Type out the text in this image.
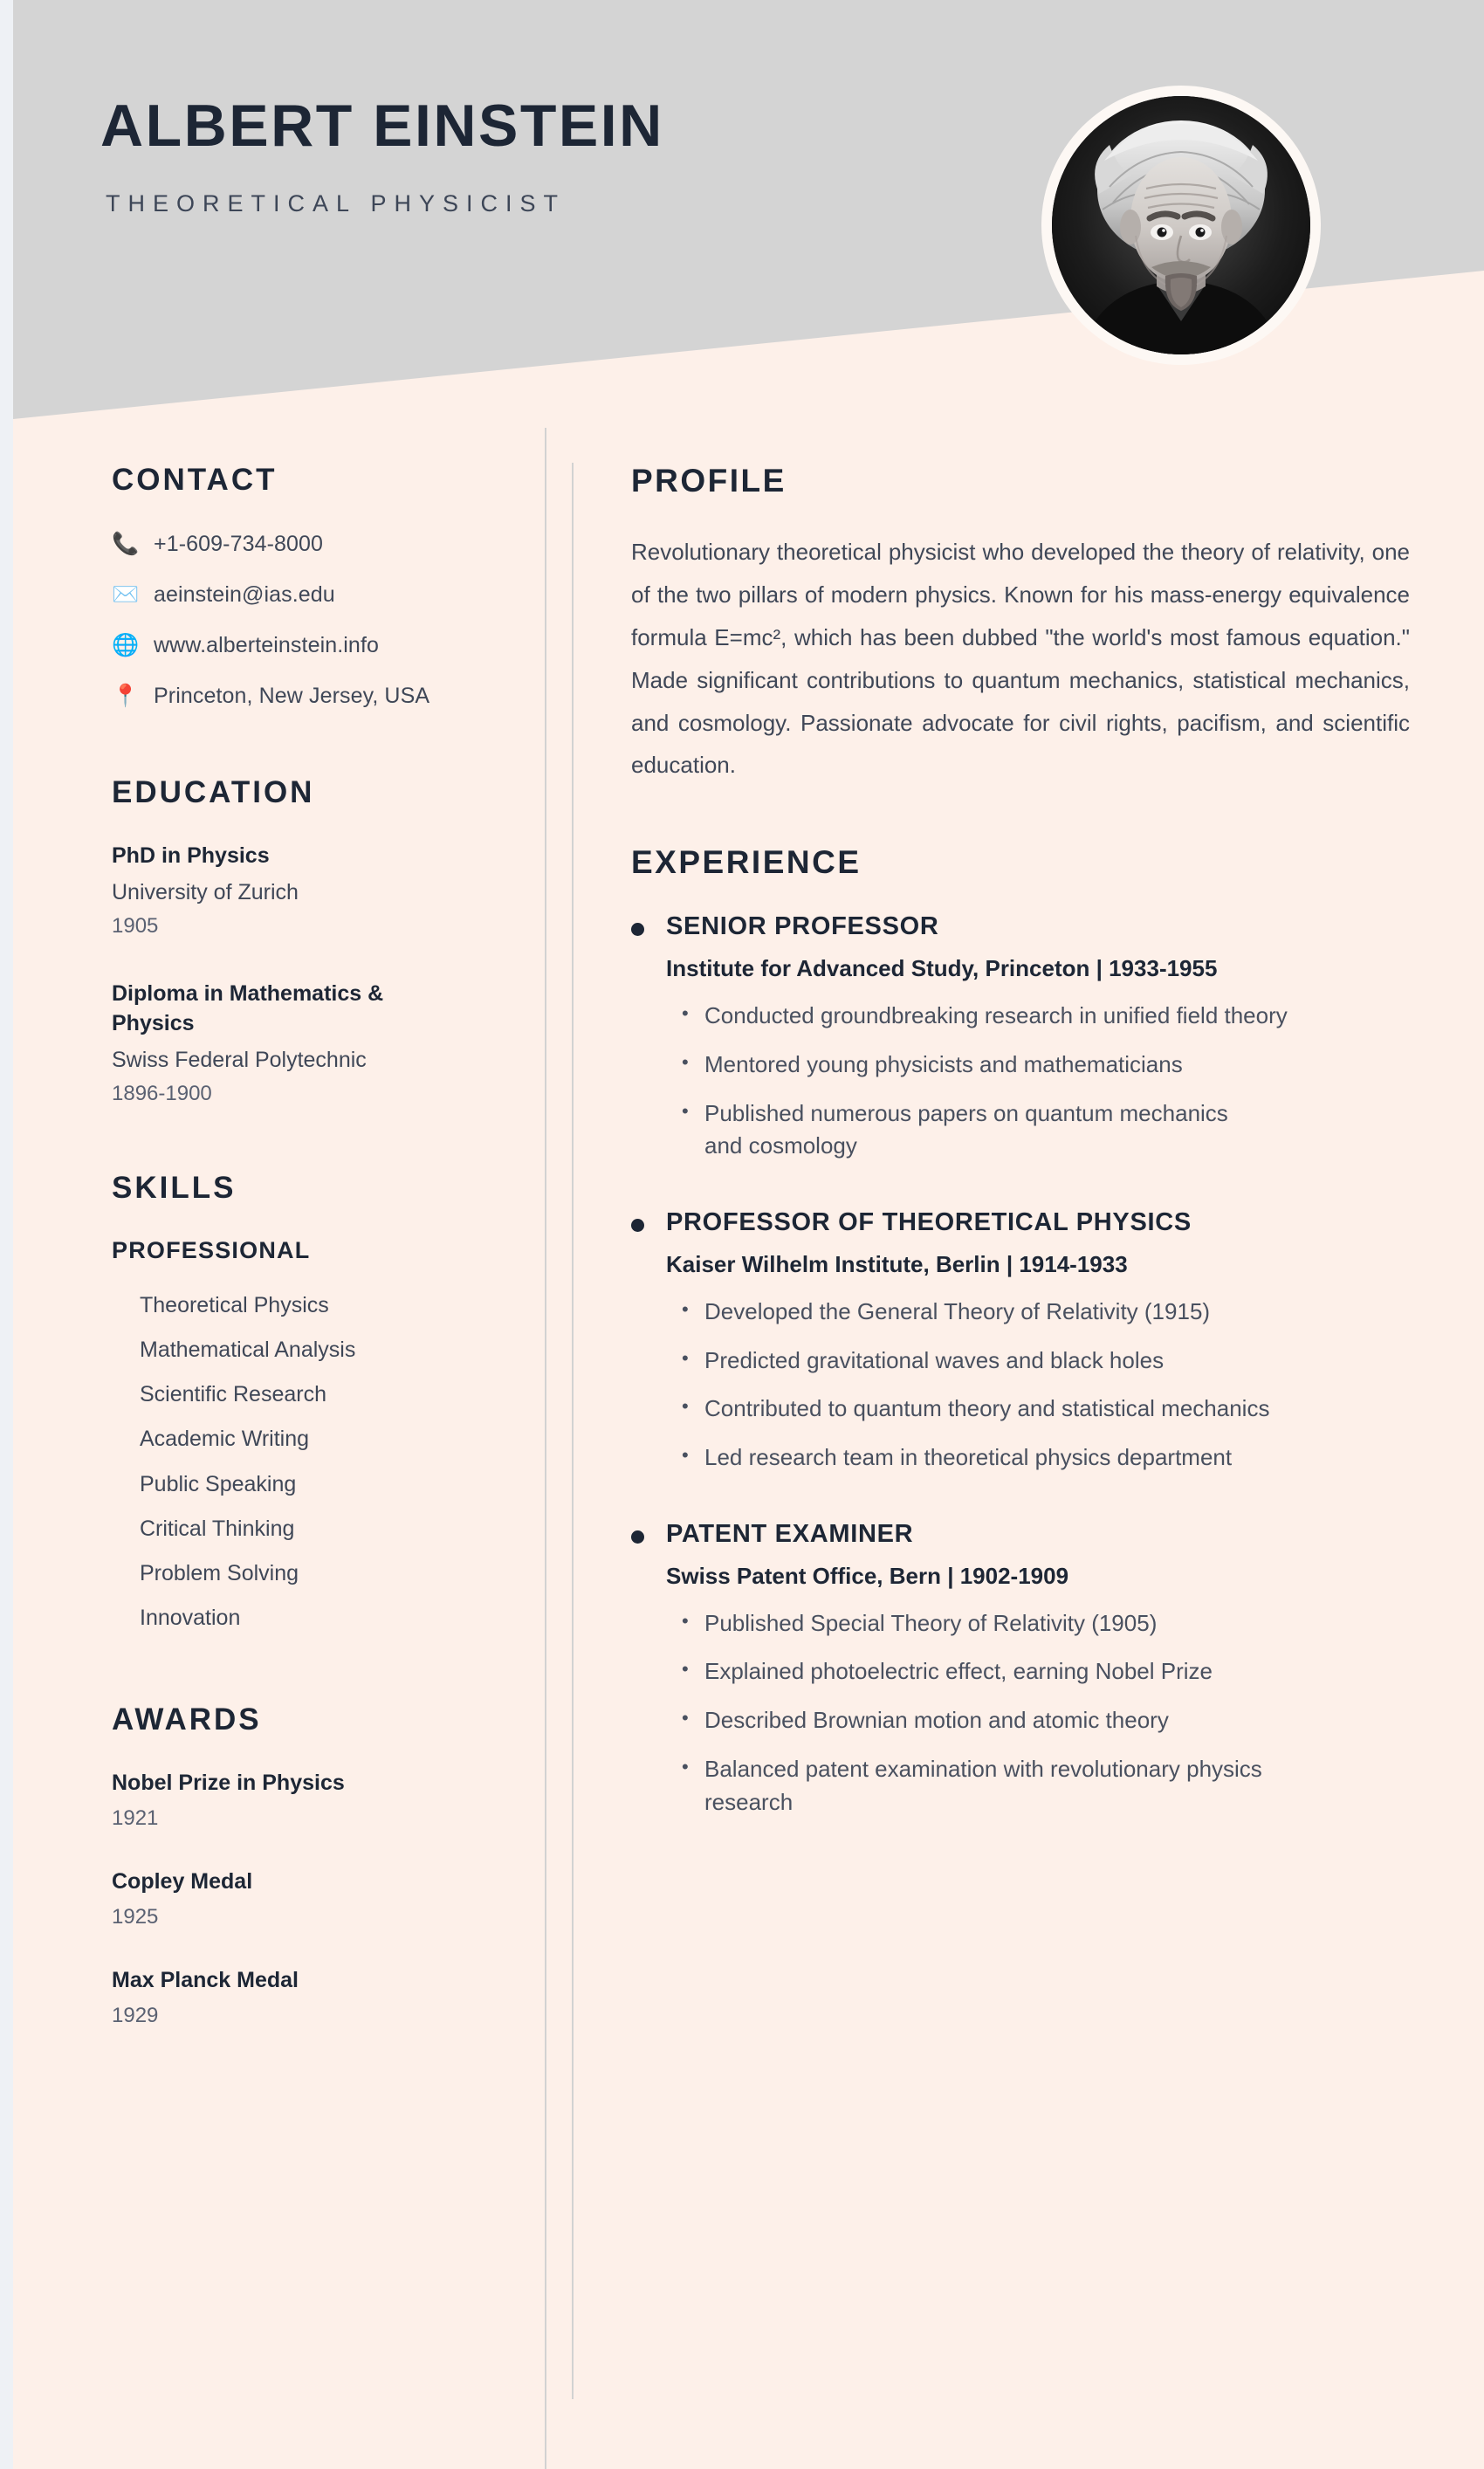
ALBERT EINSTEIN
THEORETICAL PHYSICIST
CONTACT
📞 +1-609-734-8000
✉️ aeinstein@ias.edu
🌐 www.alberteinstein.info
📍 Princeton, New Jersey, USA
EDUCATION
PhD in Physics
University of Zurich
1905
Diploma in Mathematics & Physics
Swiss Federal Polytechnic
1896-1900
SKILLS
PROFESSIONAL
Theoretical Physics
Mathematical Analysis
Scientific Research
Academic Writing
Public Speaking
Critical Thinking
Problem Solving
Innovation
AWARDS
Nobel Prize in Physics
1921
Copley Medal
1925
Max Planck Medal
1929
PROFILE

Revolutionary theoretical physicist who developed the theory of relativity, one of the two pillars of modern physics. Known for his mass-energy equivalence formula E=mc², which has been dubbed "the world's most famous equation." Made significant contributions to quantum mechanics, statistical mechanics, and cosmology. Passionate advocate for civil rights, pacifism, and scientific education.

EXPERIENCE
SENIOR PROFESSOR
Institute for Advanced Study, Princeton | 1933-1955
• Conducted groundbreaking research in unified field theory
• Mentored young physicists and mathematicians
• Published numerous papers on quantum mechanics and cosmology
PROFESSOR OF THEORETICAL PHYSICS
Kaiser Wilhelm Institute, Berlin | 1914-1933
• Developed the General Theory of Relativity (1915)
• Predicted gravitational waves and black holes
• Contributed to quantum theory and statistical mechanics
• Led research team in theoretical physics department
PATENT EXAMINER
Swiss Patent Office, Bern | 1902-1909
• Published Special Theory of Relativity (1905)
• Explained photoelectric effect, earning Nobel Prize
• Described Brownian motion and atomic theory
• Balanced patent examination with revolutionary physics research
